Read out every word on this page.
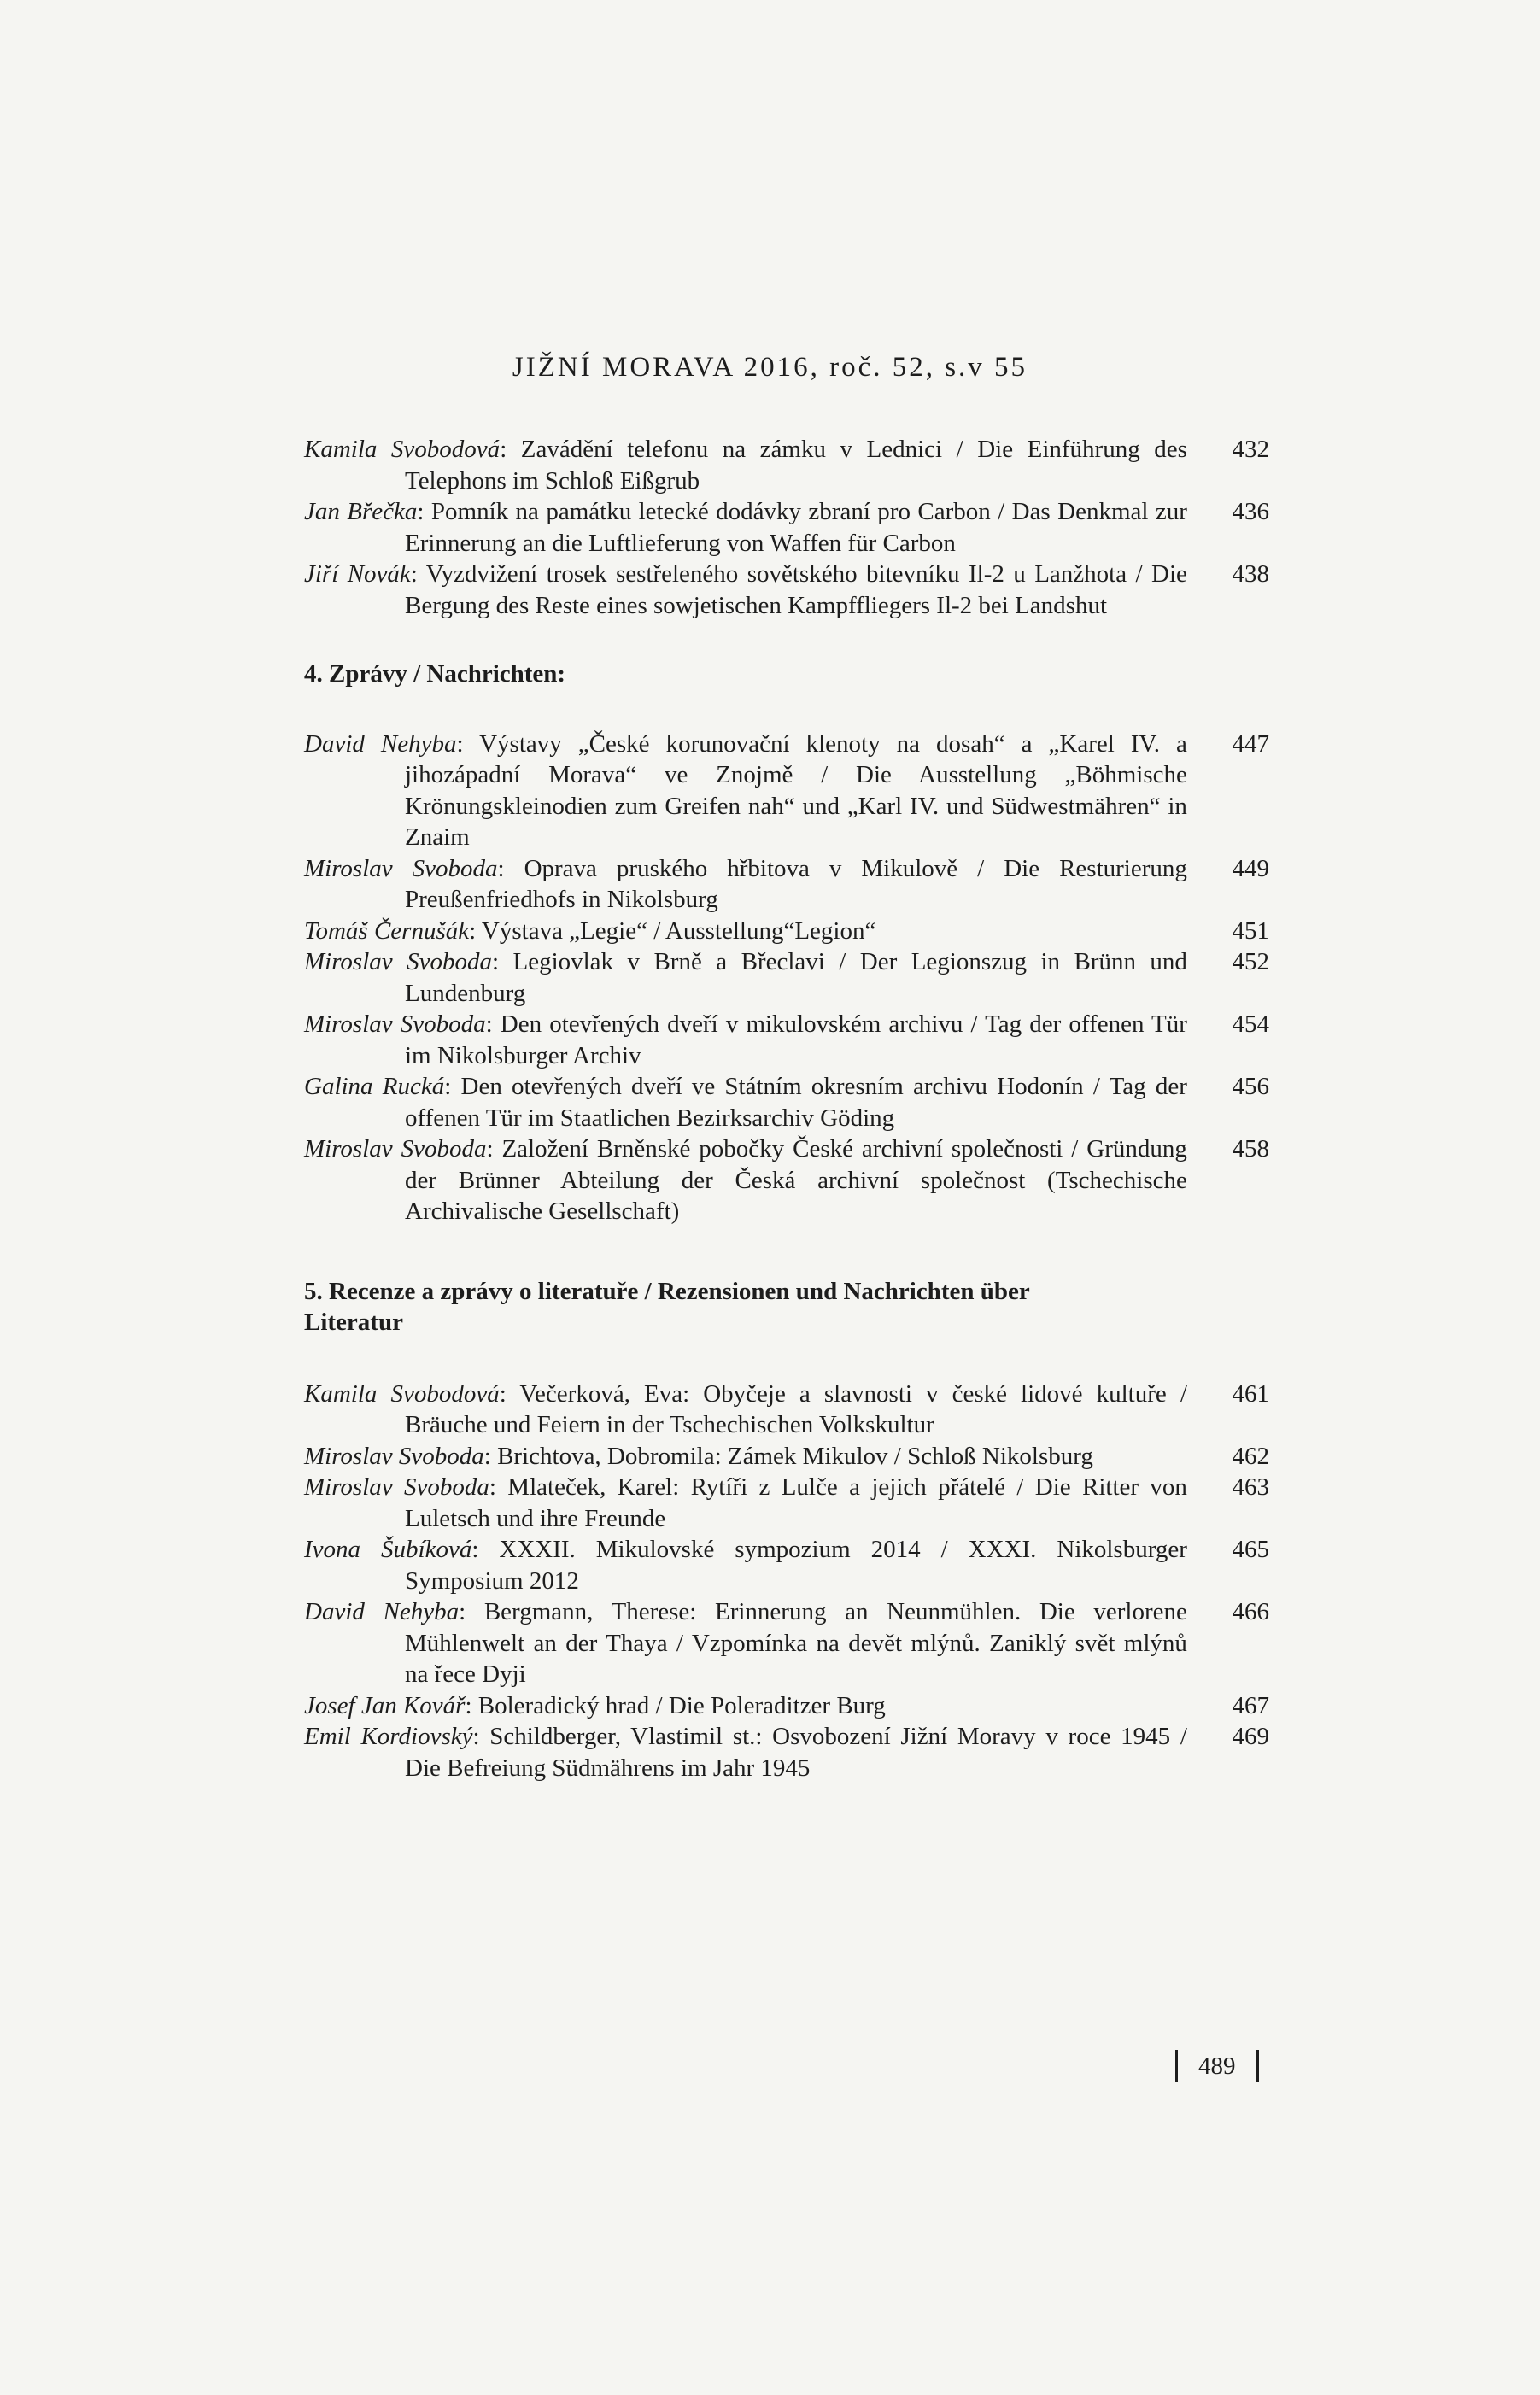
JIŽNÍ MORAVA 2016, roč. 52, s.v 55
Kamila Svobodová: Zavádění telefonu na zámku v Lednici / Die Einführung des Telephons im Schloß Eißgrub
432
Jan Břečka: Pomník na památku letecké dodávky zbraní pro Carbon / Das Denkmal zur Erinnerung an die Luftlieferung von Waffen für Carbon
436
Jiří Novák: Vyzdvižení trosek sestřeleného sovětského bitevníku Il-2 u Lanžhota / Die Bergung des Reste eines sowjetischen Kampffliegers Il-2 bei Landshut
438
4. Zprávy / Nachrichten:
David Nehyba: Výstavy „České korunovační klenoty na dosah“ a „Karel IV. a jihozápadní Morava“ ve Znojmě / Die Ausstellung „Böhmische Krönungskleinodien zum Greifen nah“ und „Karl IV. und Südwestmähren“ in Znaim
447
Miroslav Svoboda: Oprava pruského hřbitova v Mikulově / Die Resturierung Preußenfriedhofs in Nikolsburg
449
Tomáš Černušák: Výstava „Legie“ / Ausstellung“Legion“	451
Miroslav Svoboda: Legiovlak v Brně a Břeclavi / Der Legionszug in Brünn und Lundenburg
452
Miroslav Svoboda: Den otevřených dveří v mikulovském archivu / Tag der offenen Tür im Nikolsburger Archiv
454
Galina Rucká: Den otevřených dveří ve Státním okresním archivu Hodonín / Tag der offenen Tür im Staatlichen Bezirksarchiv Göding
456
Miroslav Svoboda: Založení Brněnské pobočky České archivní společnosti / Gründung der Brünner Abteilung der Česká archivní společnost (Tschechische Archivalische Gesellschaft)
458
5. Recenze a zprávy o literatuře / Rezensionen und Nachrichten über Literatur
Kamila Svobodová: Večerková, Eva: Obyčeje a slavnosti v české lidové kultuře / Bräuche und Feiern in der Tschechischen Volkskultur
461
Miroslav Svoboda: Brichtova, Dobromila: Zámek Mikulov / Schloß Nikolsburg	462
Miroslav Svoboda: Mlateček, Karel: Rytíři z Lulče a jejich přátelé / Die Ritter von Luletsch und ihre Freunde
463
Ivona Šubíková: XXXII. Mikulovské sympozium 2014 / XXXI. Nikolsburger Symposium 2012
465
David Nehyba: Bergmann, Therese: Erinnerung an Neunmühlen. Die verlorene Mühlenwelt an der Thaya / Vzpomínka na devět mlýnů. Zaniklý svět mlýnů na řece Dyji
466
Josef Jan Kovář: Boleradický hrad / Die Poleraditzer Burg	467
Emil Kordiovský: Schildberger, Vlastimil st.: Osvobození Jižní Moravy v roce 1945 / Die Befreiung Südmährens im Jahr 1945
469
489
